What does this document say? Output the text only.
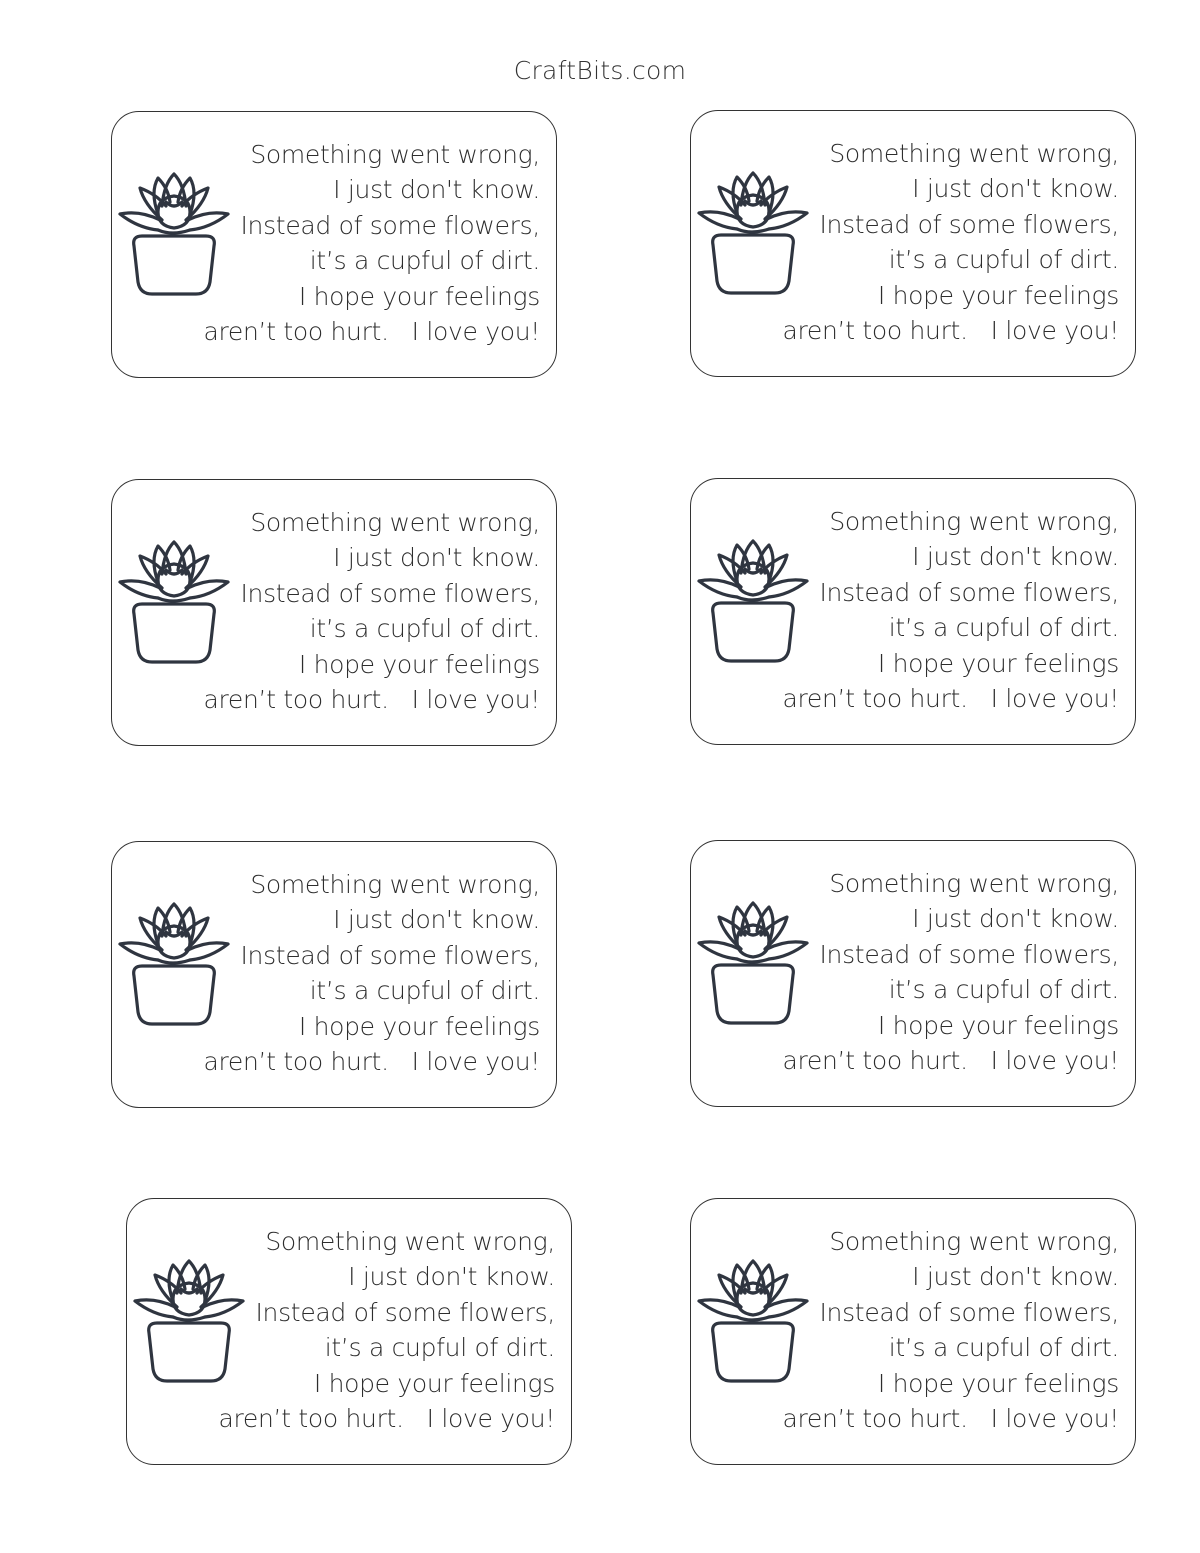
CraftBits.com
Something went wrong,
I just don't know.
Instead of some flowers,
it’s a cupful of dirt.
I hope your feelings
aren’t too hurt.   I love you!
Something went wrong,
I just don't know.
Instead of some flowers,
it’s a cupful of dirt.
I hope your feelings
aren’t too hurt.   I love you!
Something went wrong,
I just don't know.
Instead of some flowers,
it’s a cupful of dirt.
I hope your feelings
aren’t too hurt.   I love you!
Something went wrong,
I just don't know.
Instead of some flowers,
it’s a cupful of dirt.
I hope your feelings
aren’t too hurt.   I love you!
Something went wrong,
I just don't know.
Instead of some flowers,
it’s a cupful of dirt.
I hope your feelings
aren’t too hurt.   I love you!
Something went wrong,
I just don't know.
Instead of some flowers,
it’s a cupful of dirt.
I hope your feelings
aren’t too hurt.   I love you!
Something went wrong,
I just don't know.
Instead of some flowers,
it’s a cupful of dirt.
I hope your feelings
aren’t too hurt.   I love you!
Something went wrong,
I just don't know.
Instead of some flowers,
it’s a cupful of dirt.
I hope your feelings
aren’t too hurt.   I love you!
